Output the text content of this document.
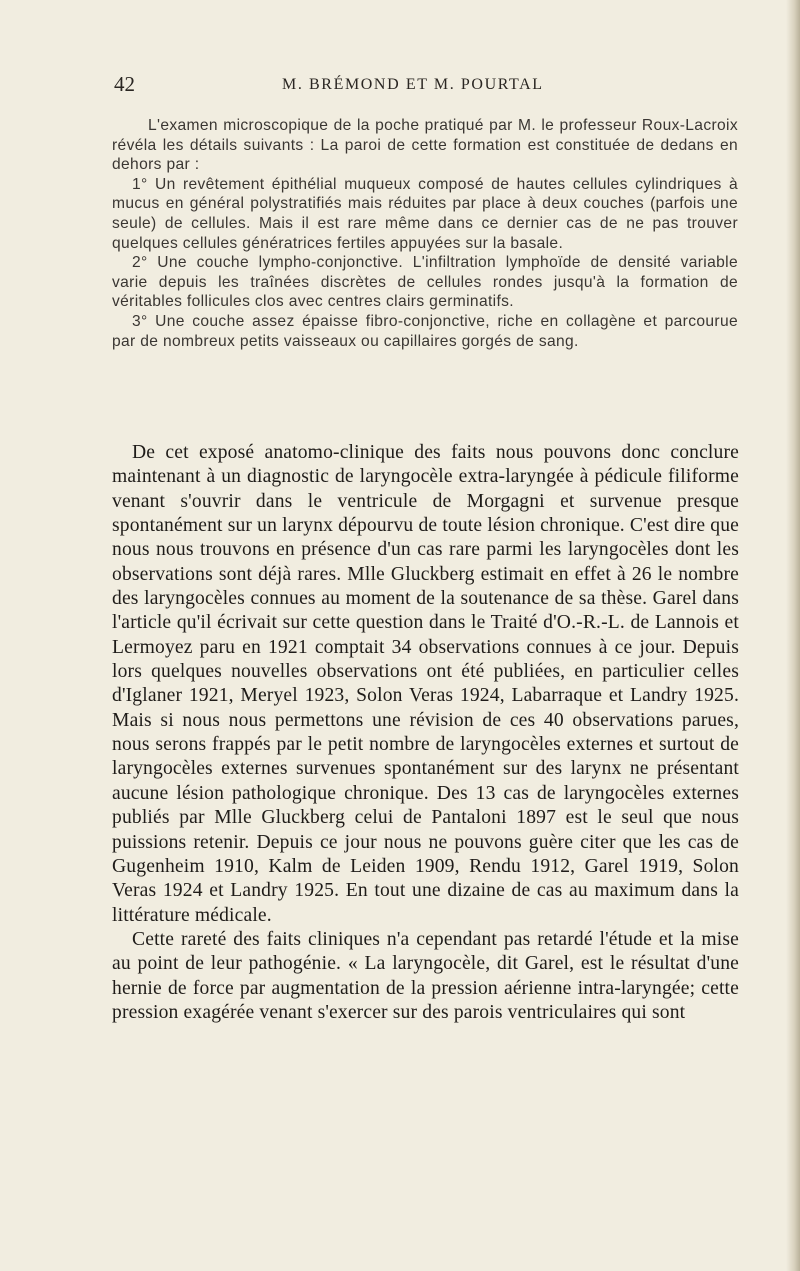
42	M. BRÉMOND ET M. POURTAL

L'examen microscopique de la poche pratiqué par M. le professeur Roux-Lacroix révéla les détails suivants : La paroi de cette formation est constituée de dedans en dehors par :

1° Un revêtement épithélial muqueux composé de hautes cellules cylindriques à mucus en général polystratifiés mais réduites par place à deux couches (parfois une seule) de cellules. Mais il est rare même dans ce dernier cas de ne pas trouver quelques cellules génératrices fertiles appuyées sur la basale.

2° Une couche lympho-conjonctive. L'infiltration lymphoïde de densité variable varie depuis les traînées discrètes de cellules rondes jusqu'à la formation de véritables follicules clos avec centres clairs germinatifs.

3° Une couche assez épaisse fibro-conjonctive, riche en collagène et parcourue par de nombreux petits vaisseaux ou capillaires gorgés de sang.

De cet exposé anatomo-clinique des faits nous pouvons donc conclure maintenant à un diagnostic de laryngocèle extra-laryngée à pédicule filiforme venant s'ouvrir dans le ventricule de Morgagni et survenue presque spontanément sur un larynx dépourvu de toute lésion chronique. C'est dire que nous nous trouvons en présence d'un cas rare parmi les laryngocèles dont les observations sont déjà rares. Mlle Gluckberg estimait en effet à 26 le nombre des laryngocèles connues au moment de la soutenance de sa thèse. Garel dans l'article qu'il écrivait sur cette question dans le Traité d'O.-R.-L. de Lannois et Lermoyez paru en 1921 comptait 34 observations connues à ce jour. Depuis lors quelques nouvelles observations ont été publiées, en particulier celles d'Iglaner 1921, Meryel 1923, Solon Veras 1924, Labarraque et Landry 1925. Mais si nous nous permettons une révision de ces 40 observations parues, nous serons frappés par le petit nombre de laryngocèles externes et surtout de laryngocèles externes survenues spontanément sur des larynx ne présentant aucune lésion pathologique chronique. Des 13 cas de laryngocèles externes publiés par Mlle Gluckberg celui de Pantaloni 1897 est le seul que nous puissions retenir. Depuis ce jour nous ne pouvons guère citer que les cas de Gugenheim 1910, Kalm de Leiden 1909, Rendu 1912, Garel 1919, Solon Veras 1924 et Landry 1925. En tout une dizaine de cas au maximum dans la littérature médicale.

Cette rareté des faits cliniques n'a cependant pas retardé l'étude et la mise au point de leur pathogénie. « La laryngocèle, dit Garel, est le résultat d'une hernie de force par augmentation de la pression aérienne intra-laryngée; cette pression exagérée venant s'exercer sur des parois ventriculaires qui sont
